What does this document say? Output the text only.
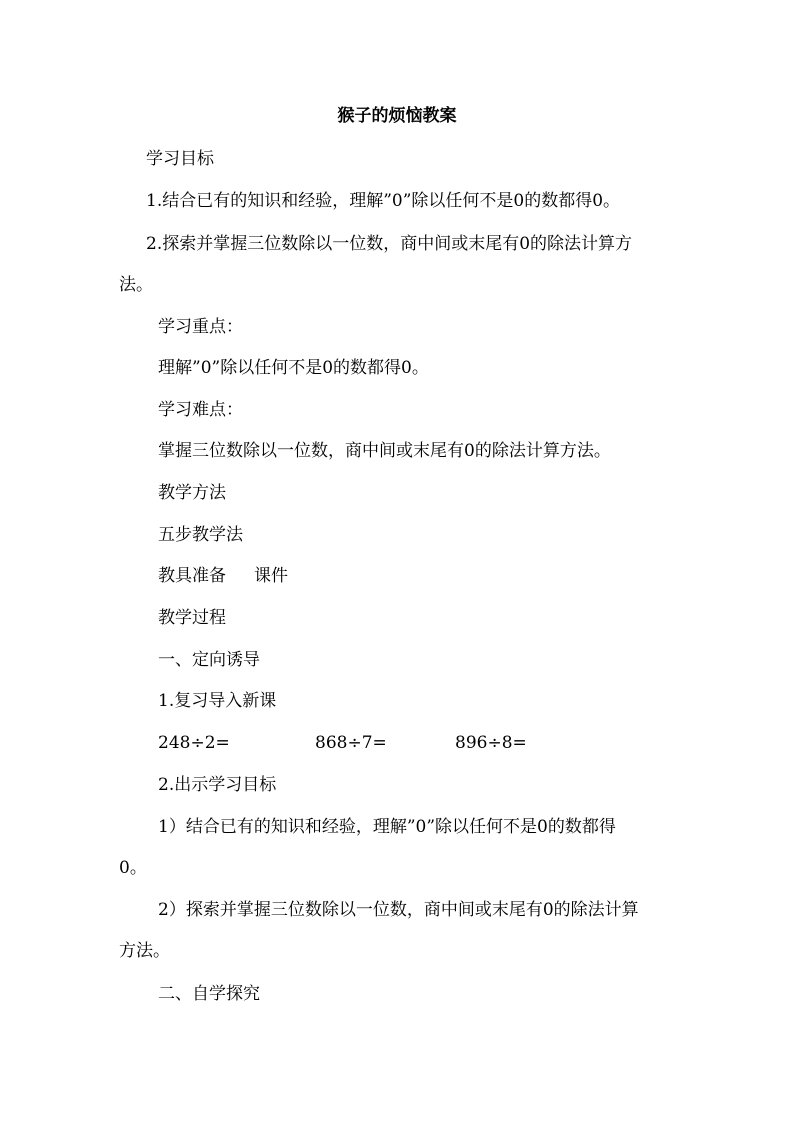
猴子的烦恼教案
学习目标
1.结合已有的知识和经验，理解”0”除以任何不是0的数都得0。
2.探索并掌握三位数除以一位数，商中间或末尾有0的除法计算方
法。
学习重点：
理解”0”除以任何不是0的数都得0。
学习难点：
掌握三位数除以一位数，商中间或末尾有0的除法计算方法。
教学方法
五步教学法
教具准备 课件
教学过程
一、定向诱导
1.复习导入新课
248÷2=	868÷7=	896÷8=
2.出示学习目标
1）结合已有的知识和经验，理解”0”除以任何不是0的数都得
0。
2）探索并掌握三位数除以一位数，商中间或末尾有0的除法计算
方法。
二、自学探究
